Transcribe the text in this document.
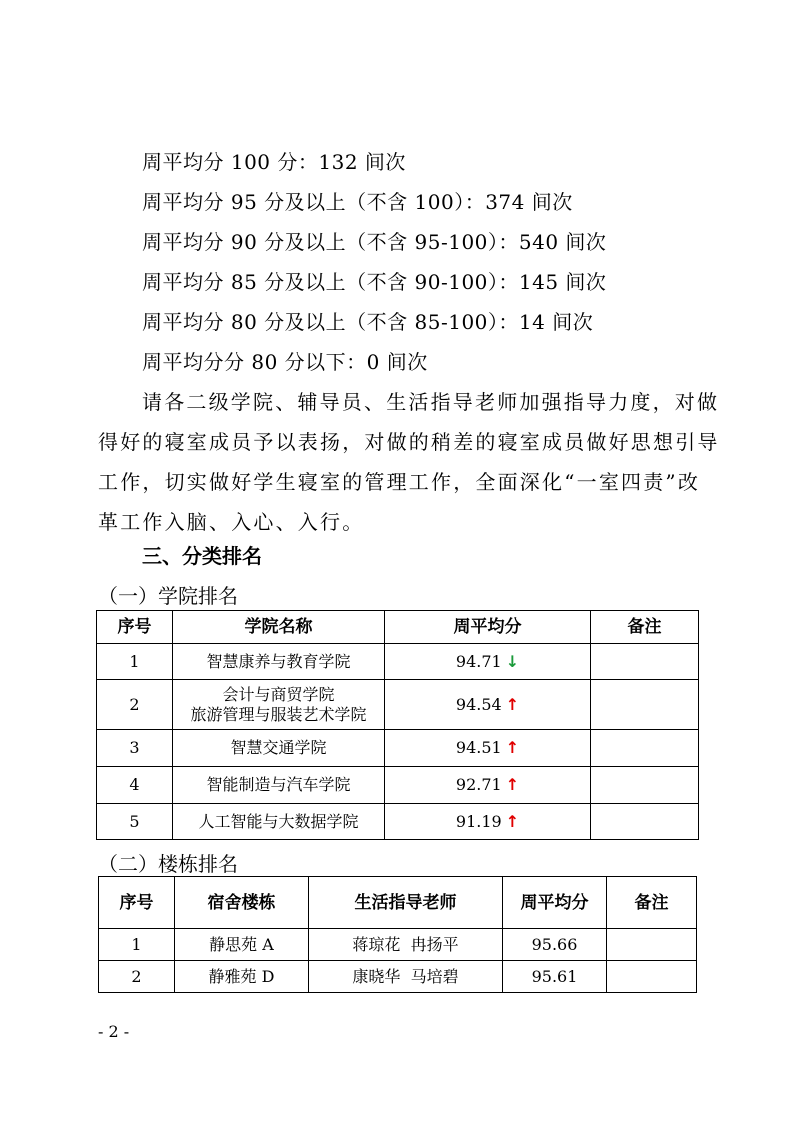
周平均分 100 分：132 间次
周平均分 95 分及以上（不含 100）：374 间次
周平均分 90 分及以上（不含 95-100）：540 间次
周平均分 85 分及以上（不含 90-100）：145 间次
周平均分 80 分及以上（不含 85-100）：14 间次
周平均分分 80 分以下：0 间次
请各二级学院、辅导员、生活指导老师加强指导力度，对做
得好的寝室成员予以表扬，对做的稍差的寝室成员做好思想引导
工作，切实做好学生寝室的管理工作，全面深化“一室四责”改
革工作入脑、入心、入行。
三、分类排名
（一）学院排名
序号	学院名称	周平均分	备注
1	智慧康养与教育学院	94.71 ↓	
2	会计与商贸学院
旅游管理与服装艺术学院	94.54 ↑	
3	智慧交通学院	94.51 ↑	
4	智能制造与汽车学院	92.71 ↑	
5	人工智能与大数据学院	91.19 ↑	
（二）楼栋排名
序号	宿舍楼栋	生活指导老师	周平均分	备注
1	静思苑 A	蒋琼花  冉扬平	95.66	
2	静雅苑 D	康晓华  马培碧	95.61	
- 2 -
